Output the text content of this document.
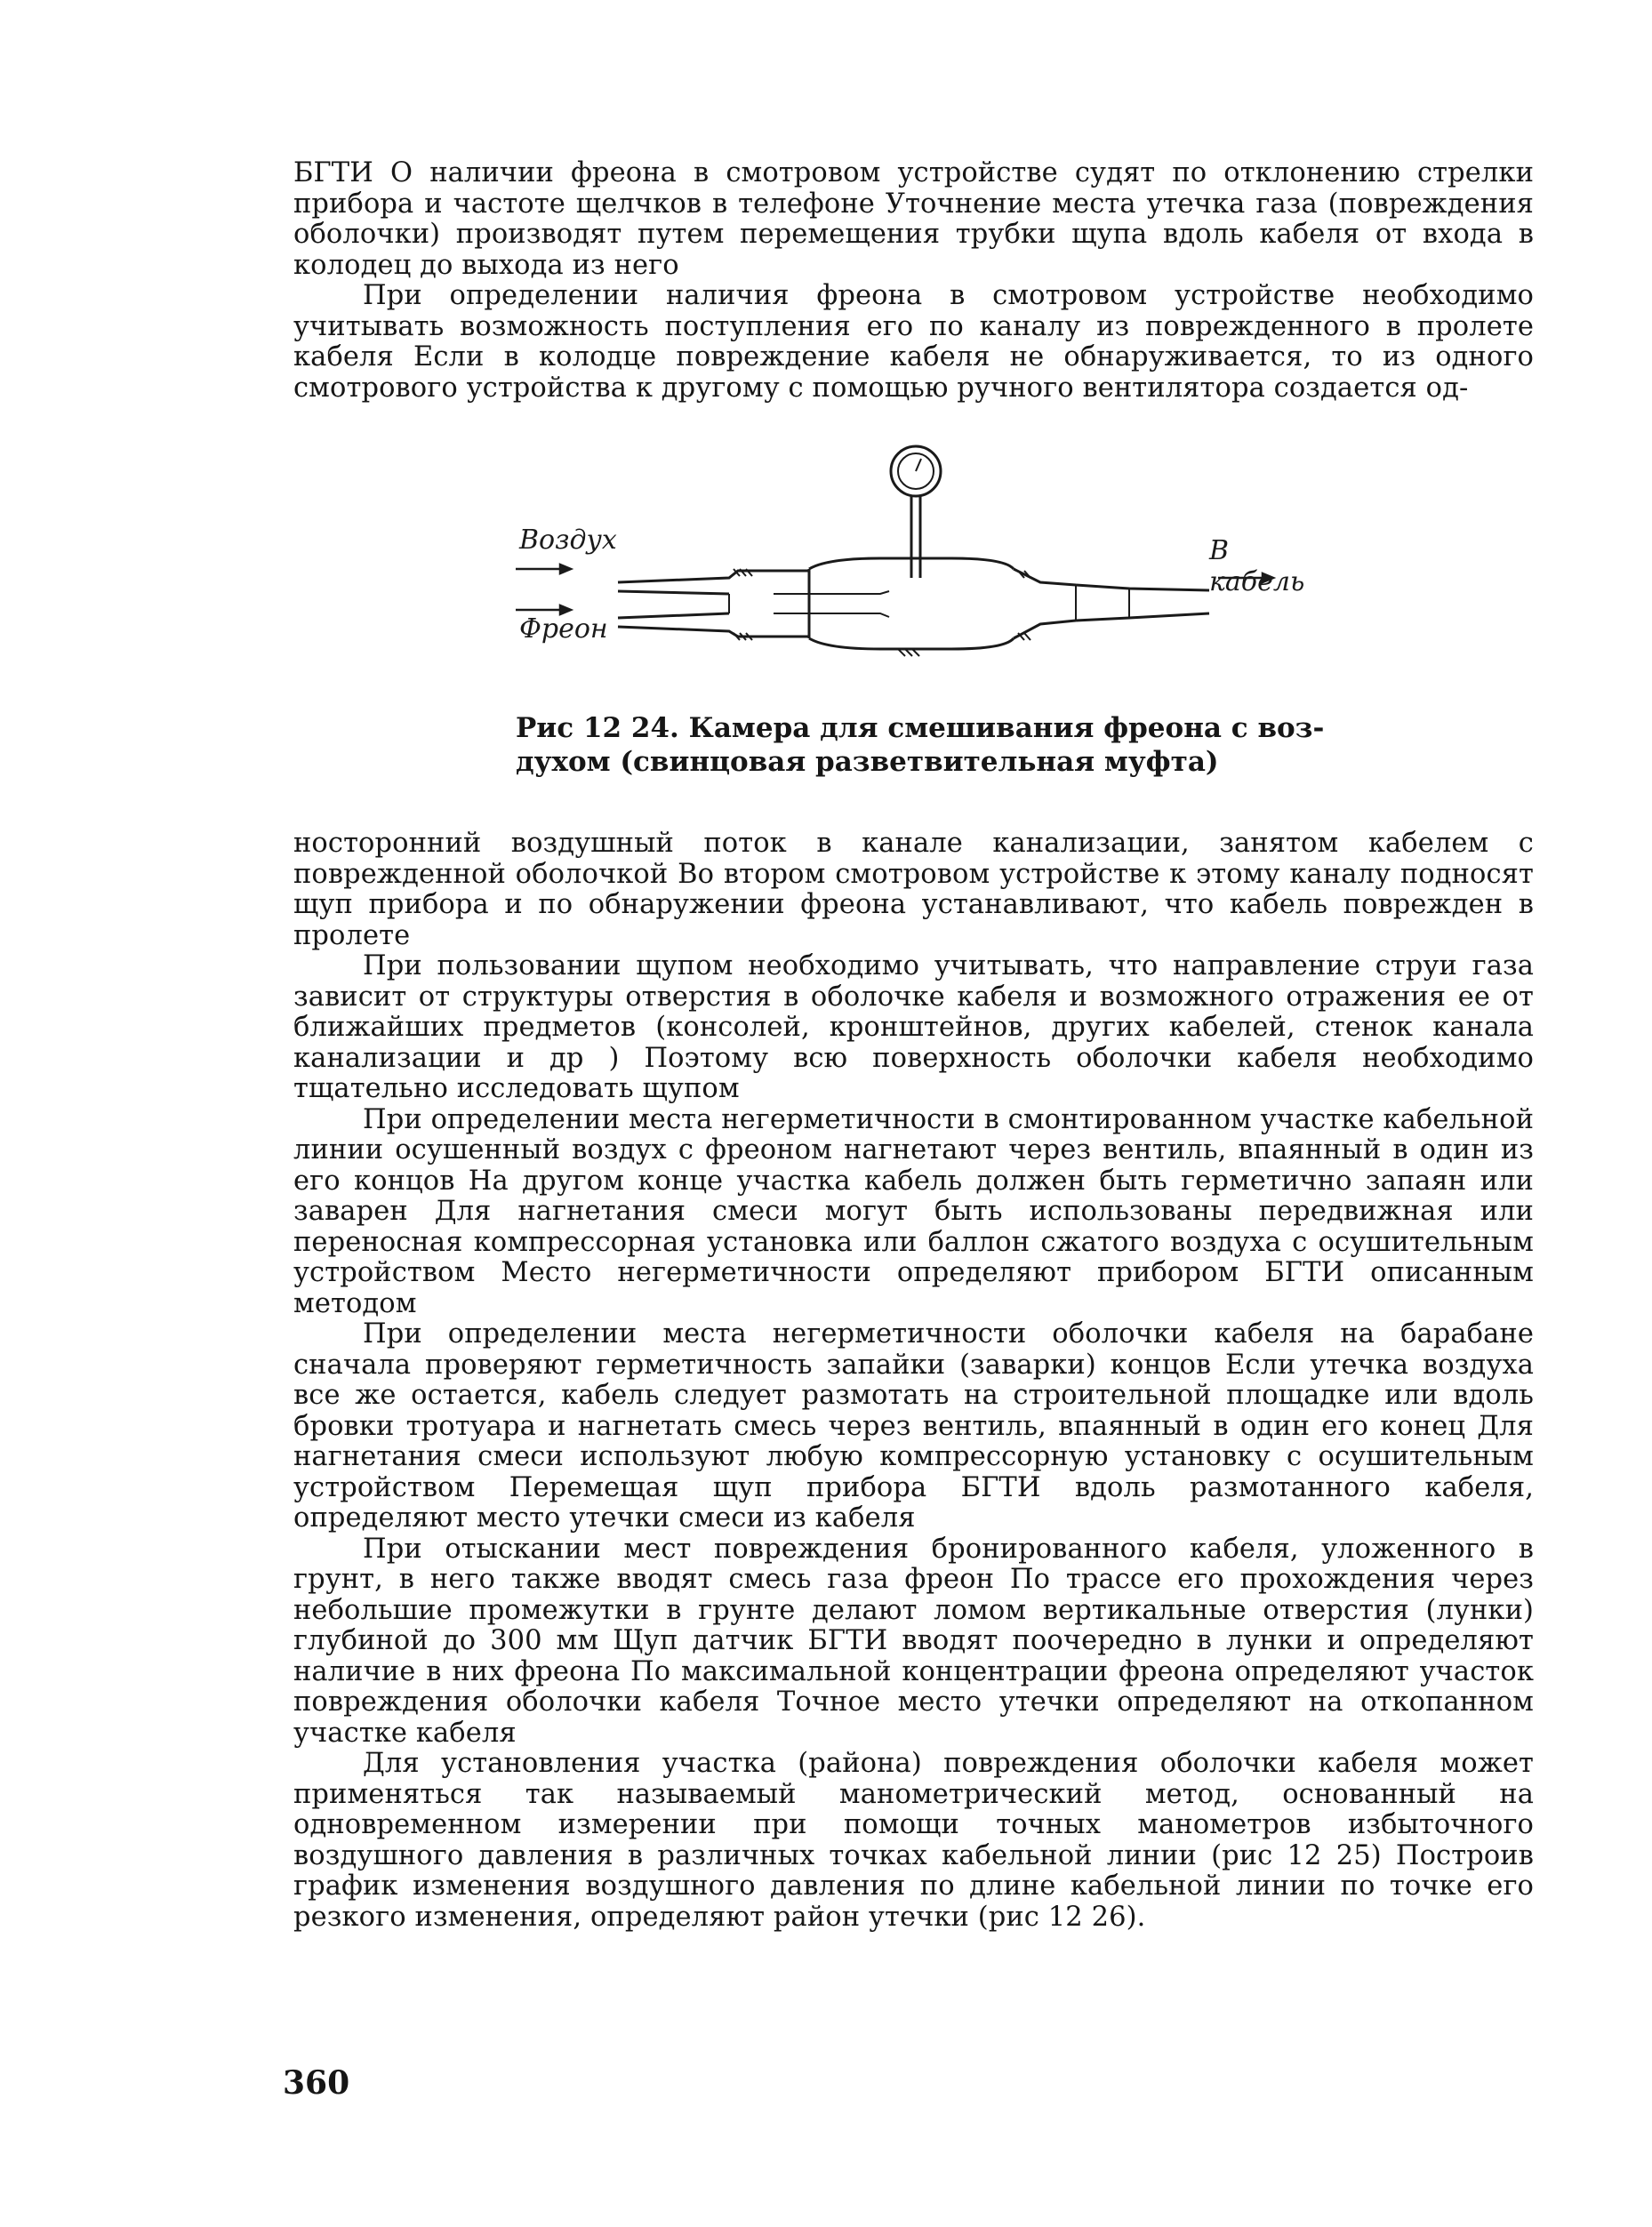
БГТИ О наличии фреона в смотровом устройстве судят по отклонению стрелки прибора и частоте щелчков в телефоне Уточнение места утечка газа (повреждения оболочки) производят путем перемещения трубки щупа вдоль кабеля от входа в колодец до выхода из него

При определении наличия фреона в смотровом устройстве необходимо учитывать возможность поступления его по каналу из поврежденного в пролете кабеля Если в колодце повреждение кабеля не обнаруживается, то из одного смотрового устройства к другому с помощью ручного вентилятора создается од-

Воздух
Фреон
В кабель

Рис 12 24. Камера для смешивания фреона с воз-

духом (свинцовая разветвительная муфта)

носторонний воздушный поток в канале канализации, занятом кабелем с поврежденной оболочкой Во втором смотровом устройстве к этому каналу подносят щуп прибора и по обнаружении фреона устанавливают, что кабель поврежден в пролете

При пользовании щупом необходимо учитывать, что направление струи газа зависит от структуры отверстия в оболочке кабеля и возможного отражения ее от ближайших предметов (консолей, кронштейнов, других кабелей, стенок канала канализации и др ) Поэтому всю поверхность оболочки кабеля необходимо тщательно исследовать щупом

При определении места негерметичности в смонтированном участке кабельной линии осушенный воздух с фреоном нагнетают через вентиль, впаянный в один из его концов На другом конце участка кабель должен быть герметично запаян или заварен Для нагнетания смеси могут быть использованы передвижная или переносная компрессорная установка или баллон сжатого воздуха с осушительным устройством Место негерметичности определяют прибором БГТИ описанным методом

При определении места негерметичности оболочки кабеля на барабане сначала проверяют герметичность запайки (заварки) концов Если утечка воздуха все же остается, кабель следует размотать на строительной площадке или вдоль бровки тротуара и нагнетать смесь через вентиль, впаянный в один его конец Для нагнетания смеси используют любую компрессорную установку с осушительным устройством Перемещая щуп прибора БГТИ вдоль размотанного кабеля, определяют место утечки смеси из кабеля

При отыскании мест повреждения бронированного кабеля, уложенного в грунт, в него также вводят смесь газа фреон По трассе его прохождения через небольшие промежутки в грунте делают ломом вертикальные отверстия (лунки) глубиной до 300 мм Щуп датчик БГТИ вводят поочередно в лунки и определяют наличие в них фреона По максимальной концентрации фреона определяют участок повреждения оболочки кабеля Точное место утечки определяют на откопанном участке кабеля

Для установления участка (района) повреждения оболочки кабеля может применяться так называемый манометрический метод, основанный на одновременном измерении при помощи точных манометров избыточного воздушного давления в различных точках кабельной линии (рис 12 25) Построив график изменения воздушного давления по длине кабельной линии по точке его резкого изменения, определяют район утечки (рис 12 26).

360
